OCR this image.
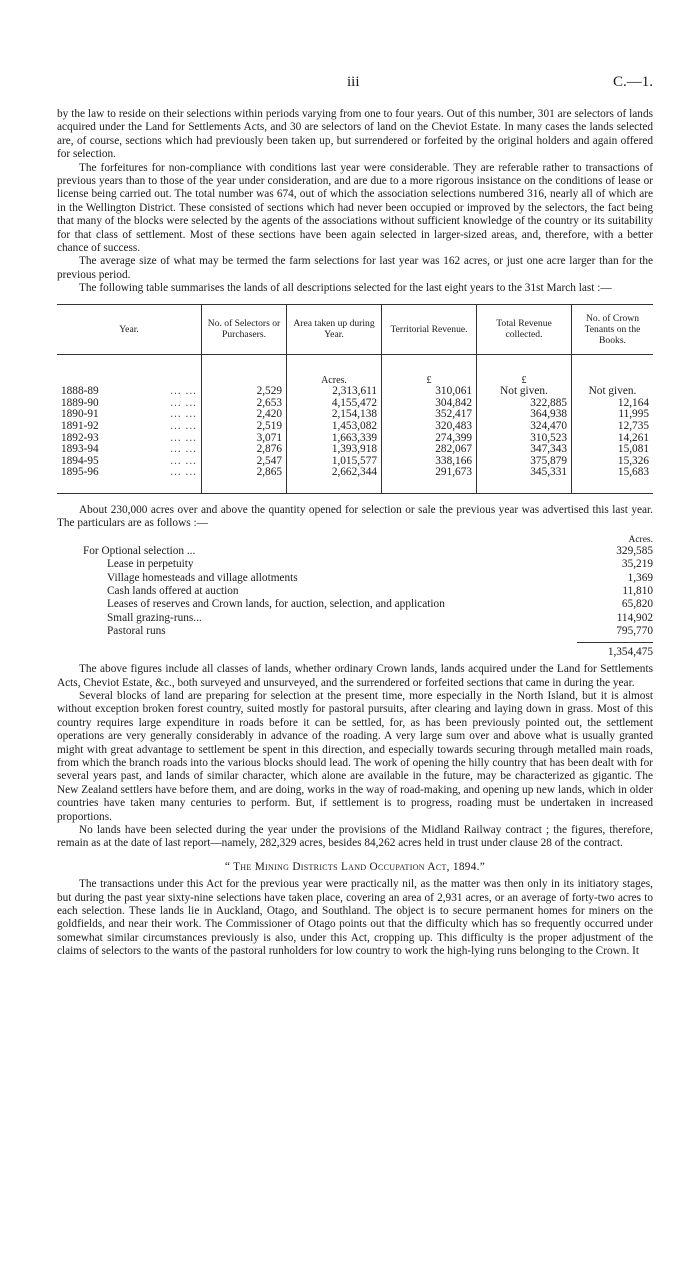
iii	C.—1.

by the law to reside on their selections within periods varying from one to four years. Out of this number, 301 are selectors of lands acquired under the Land for Settlements Acts, and 30 are selectors of land on the Cheviot Estate. In many cases the lands selected are, of course, sections which had previously been taken up, but surrendered or forfeited by the original holders and again offered for selection.

The forfeitures for non-compliance with conditions last year were considerable. They are referable rather to transactions of previous years than to those of the year under consideration, and are due to a more rigorous insistance on the conditions of lease or license being carried out. The total number was 674, out of which the association selections numbered 316, nearly all of which are in the Wellington District. These consisted of sections which had never been occupied or improved by the selectors, the fact being that many of the blocks were selected by the agents of the associations without sufficient knowledge of the country or its suitability for that class of settlement. Most of these sections have been again selected in larger-sized areas, and, therefore, with a better chance of success.

The average size of what may be termed the farm selections for last year was 162 acres, or just one acre larger than for the previous period.

The following table summarises the lands of all descriptions selected for the last eight years to the 31st March last :—

Year.	No. of Selectors or Purchasers.	Area taken up during Year.	Territorial Revenue.	Total Revenue collected.	No. of Crown Tenants on the Books.
		Acres.	£	£	
1888-89 ... ...	2,529	2,313,611	310,061	Not given.	Not given.
1889-90 ... ...	2,653	4,155,472	304,842	322,885	12,164
1890-91 ... ...	2,420	2,154,138	352,417	364,938	11,995
1891-92 ... ...	2,519	1,453,082	320,483	324,470	12,735
1892-93 ... ...	3,071	1,663,339	274,399	310,523	14,261
1893-94 ... ...	2,876	1,393,918	282,067	347,343	15,081
1894-95 ... ...	2,547	1,015,577	338,166	375,879	15,326
1895-96 ... ...	2,865	2,662,344	291,673	345,331	15,683

About 230,000 acres over and above the quantity opened for selection or sale the previous year was advertised this last year. The particulars are as follows :—

Acres.
For Optional selection ...	329,585
Lease in perpetuity	35,219
Village homesteads and village allotments	1,369
Cash lands offered at auction	11,810
Leases of reserves and Crown lands, for auction, selection, and application	65,820
Small grazing-runs...	114,902
Pastoral runs	795,770
1,354,475

The above figures include all classes of lands, whether ordinary Crown lands, lands acquired under the Land for Settlements Acts, Cheviot Estate, &c., both surveyed and unsurveyed, and the surrendered or forfeited sections that came in during the year.

Several blocks of land are preparing for selection at the present time, more especially in the North Island, but it is almost without exception broken forest country, suited mostly for pastoral pursuits, after clearing and laying down in grass. Most of this country requires large expenditure in roads before it can be settled, for, as has been previously pointed out, the settlement operations are very generally considerably in advance of the roading. A very large sum over and above what is usually granted might with great advantage to settlement be spent in this direction, and especially towards securing through metalled main roads, from which the branch roads into the various blocks should lead. The work of opening the hilly country that has been dealt with for several years past, and lands of similar character, which alone are available in the future, may be characterized as gigantic. The New Zealand settlers have before them, and are doing, works in the way of road-making, and opening up new lands, which in older countries have taken many centuries to perform. But, if settlement is to progress, roading must be undertaken in increased proportions.

No lands have been selected during the year under the provisions of the Midland Railway contract ; the figures, therefore, remain as at the date of last report—namely, 282,329 acres, besides 84,262 acres held in trust under clause 28 of the contract.

“ The Mining Districts Land Occupation Act, 1894.”

The transactions under this Act for the previous year were practically nil, as the matter was then only in its initiatory stages, but during the past year sixty-nine selections have taken place, covering an area of 2,931 acres, or an average of forty-two acres to each selection. These lands lie in Auckland, Otago, and Southland. The object is to secure permanent homes for miners on the goldfields, and near their work. The Commissioner of Otago points out that the difficulty which has so frequently occurred under somewhat similar circumstances previously is also, under this Act, cropping up. This difficulty is the proper adjustment of the claims of selectors to the wants of the pastoral runholders for low country to work the high-lying runs belonging to the Crown. It
